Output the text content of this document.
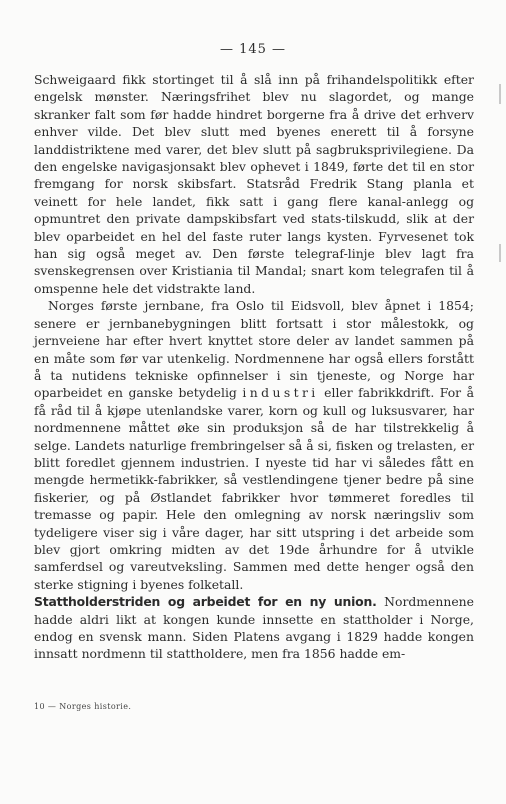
— 145 —

Schweigaard fikk stortinget til å slå inn på frihandelspolitikk efter engelsk mønster. Næringsfrihet blev nu slagordet, og mange skranker falt som før hadde hindret borgerne fra å drive det erhverv enhver vilde. Det blev slutt med byenes enerett til å forsyne landdistriktene med varer, det blev slutt på sagbruksprivilegiene. Da den engelske navigasjonsakt blev ophevet i 1849, førte det til en stor fremgang for norsk skibsfart. Statsråd Fredrik Stang planla et veinett for hele landet, fikk satt i gang flere kanal-anlegg og opmuntret den private dampskibsfart ved stats-tilskudd, slik at der blev oparbeidet en hel del faste ruter langs kysten. Fyrvesenet tok han sig også meget av. Den første telegraf-linje blev lagt fra svenskegrensen over Kristiania til Mandal; snart kom telegrafen til å omspenne hele det vidstrakte land.

Norges første jernbane, fra Oslo til Eidsvoll, blev åpnet i 1854; senere er jernbanebygningen blitt fortsatt i stor målestokk, og jernveiene har efter hvert knyttet store deler av landet sammen på en måte som før var utenkelig. Nordmennene har også ellers forstått å ta nutidens tekniske opfinnelser i sin tjeneste, og Norge har oparbeidet en ganske betydelig industri eller fabrikkdrift. For å få råd til å kjøpe utenlandske varer, korn og kull og luksusvarer, har nordmennene måttet øke sin produksjon så de har tilstrekkelig å selge. Landets naturlige frembringelser så å si, fisken og trelasten, er blitt foredlet gjennem industrien. I nyeste tid har vi således fått en mengde hermetikk-fabrikker, så vestlendingene tjener bedre på sine fiskerier, og på Østlandet fabrikker hvor tømmeret foredles til tremasse og papir. Hele den omlegning av norsk næringsliv som tydeligere viser sig i våre dager, har sitt utspring i det arbeide som blev gjort omkring midten av det 19de århundre for å utvikle samferdsel og vareutveksling. Sammen med dette henger også den sterke stigning i byenes folketall.

Stattholderstriden og arbeidet for en ny union. Nordmennene hadde aldri likt at kongen kunde innsette en stattholder i Norge, endog en svensk mann. Siden Platens avgang i 1829 hadde kongen innsatt nordmenn til stattholdere, men fra 1856 hadde em-

10 — Norges historie.
